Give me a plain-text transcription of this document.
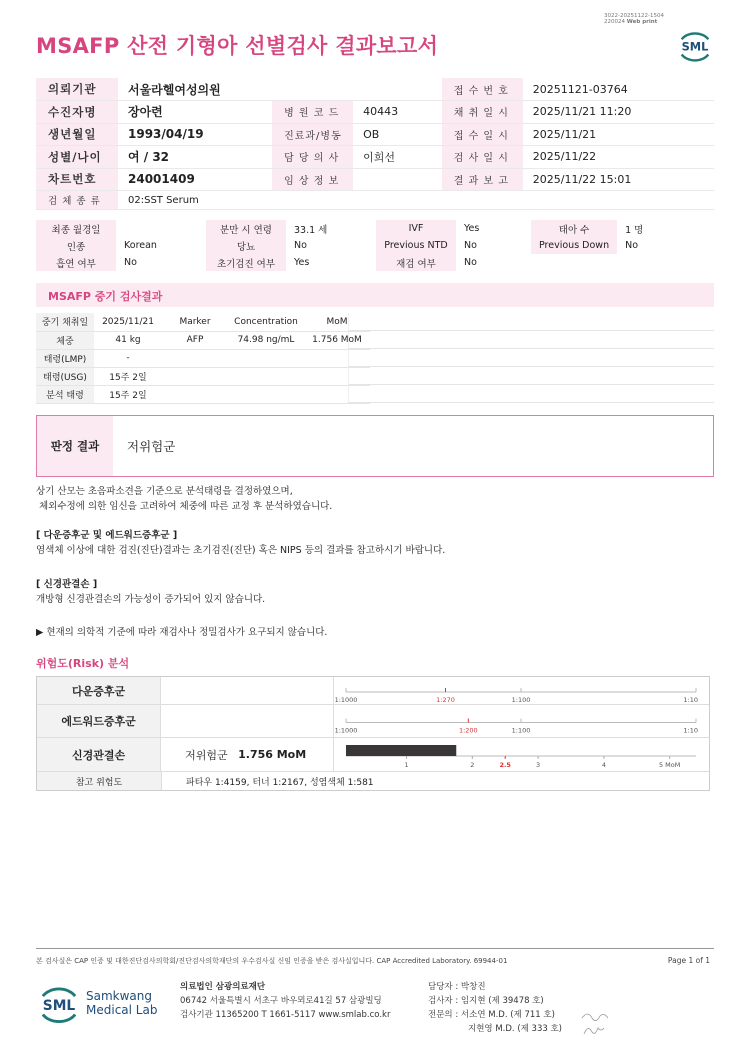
MSAFP 산전 기형아 선별검사 결과보고서
3022-20251122-1504
220024 Web print
SML
의뢰기관	서울라헬여성의원			접 수 번 호	20251121-03764
수진자명	장아련	병 원 코 드	40443	채 취 일 시	2025/11/21 11:20
생년월일	1993/04/19	진료과/병동	OB	접 수 일 시	2025/11/21
성별/나이	여 / 32	담 당 의 사	이희선	검 사 일 시	2025/11/22
차트번호	24001409	임 상 정 보		결 과 보 고	2025/11/22 15:01
검 체 종 류	02:SST Serum				
최종 월경일		분만 시 연령	33.1 세	IVF	Yes	태아 수	1 명
인종	Korean	당뇨	No	Previous NTD	No	Previous Down	No
흡연 여부	No	초기검진 여부	Yes	재검 여부	No		
MSAFP 중기 검사결과
중기 채취일	2025/11/21	Marker	Concentration	MoM
체중	41 kg	AFP	74.98 ng/mL	1.756 MoM
태령(LMP)	-			
태령(USG)	15주 2일			
분석 태령	15주 2일			
판정 결과	저위험군
상기 산모는 초음파소견을 기준으로 분석태령을 결정하였으며,
체외수정에 의한 임신을 고려하여 체중에 따른 교정 후 분석하였습니다.
[ 다운증후군 및 에드워드증후군 ]
염색체 이상에 대한 검진(진단)결과는 초기검진(진단) 혹은 NIPS 등의 결과를 참고하시기 바랍니다.
[ 신경관결손 ]
개방형 신경관결손의 가능성이 증가되어 있지 않습니다.
▶ 현재의 의학적 기준에 따라 재검사나 정밀검사가 요구되지 않습니다.
위험도(Risk) 분석
다운증후군
1:1000	1:270	1:100	1:10
에드워드증후군
1:1000	1:200	1:100	1:10
신경관결손	저위험군
1.756 MoM
1	2	2.5	3	4	5 MoM
참고 위험도	파타우 1:4159, 터너 1:2167, 성염색체 1:581
본 검사실은 CAP 인증 및 대한진단검사의학회/진단검사의학재단의 우수검사실 신임 인증을 받은 검사실입니다. CAP Accredited Laboratory. 69944-01	Page 1 of 1
SML
Samkwang
Medical Lab
의료법인 삼광의료재단
06742 서울특별시 서초구 바우뫼로41길 57 삼광빌딩
검사기관 11365200 T 1661-5117 www.smlab.co.kr
담당자 : 박창진
검사자 : 임지현 (제 39478 호)
전문의 : 서소연 M.D. (제 711 호)
지현영 M.D. (제 333 호)
